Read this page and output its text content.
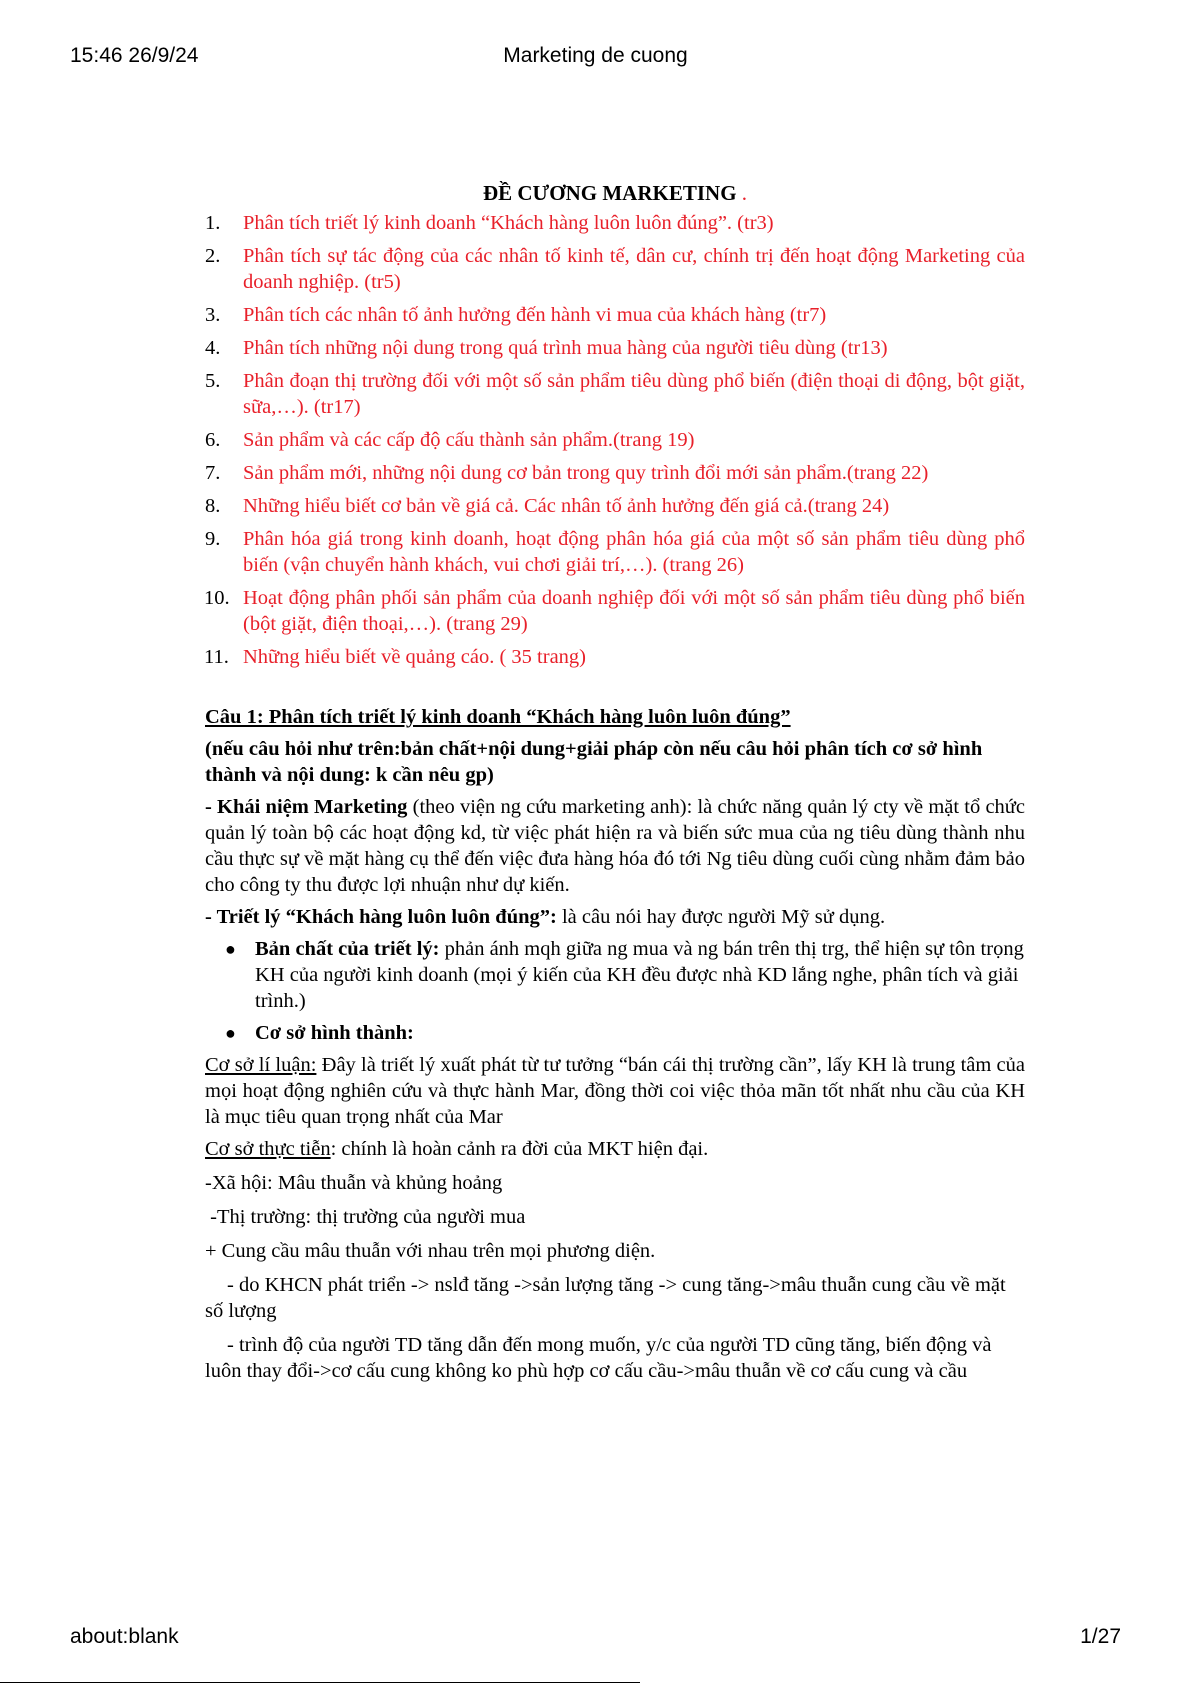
15:46 26/9/24	Marketing de cuong
ĐỀ CƯƠNG MARKETING .
1. Phân tích triết lý kinh doanh “Khách hàng luôn luôn đúng”. (tr3)
2. Phân tích sự tác động của các nhân tố kinh tế, dân cư, chính trị đến hoạt động Marketing của doanh nghiệp. (tr5)
3. Phân tích các nhân tố ảnh hưởng đến hành vi mua của khách hàng (tr7)
4. Phân tích những nội dung trong quá trình mua hàng của người tiêu dùng (tr13)
5. Phân đoạn thị trường đối với một số sản phẩm tiêu dùng phổ biến (điện thoại di động, bột giặt, sữa,…). (tr17)
6. Sản phẩm và các cấp độ cấu thành sản phẩm.(trang 19)
7. Sản phẩm mới, những nội dung cơ bản trong quy trình đổi mới sản phẩm.(trang 22)
8. Những hiểu biết cơ bản về giá cả. Các nhân tố ảnh hưởng đến giá cả.(trang 24)
9. Phân hóa giá trong kinh doanh, hoạt động phân hóa giá của một số sản phẩm tiêu dùng phổ biến (vận chuyển hành khách, vui chơi giải trí,…). (trang 26)
10. Hoạt động phân phối sản phẩm của doanh nghiệp đối với một số sản phẩm tiêu dùng phổ biến (bột giặt, điện thoại,…). (trang 29)
11. Những hiểu biết về quảng cáo. ( 35 trang)
Câu 1: Phân tích triết lý kinh doanh “Khách hàng luôn luôn đúng”
(nếu câu hỏi như trên:bản chất+nội dung+giải pháp còn nếu câu hỏi phân tích cơ sở hình thành và nội dung: k cần nêu gp)
- Khái niệm Marketing (theo viện ng cứu marketing anh): là chức năng quản lý cty về mặt tổ chức quản lý toàn bộ các hoạt động kd, từ việc phát hiện ra và biến sức mua của ng tiêu dùng thành nhu cầu thực sự về mặt hàng cụ thể đến việc đưa hàng hóa đó tới Ng tiêu dùng cuối cùng nhằm đảm bảo cho công ty thu được lợi nhuận như dự kiến.
- Triết lý “Khách hàng luôn luôn đúng”: là câu nói hay được người Mỹ sử dụng.
● Bản chất của triết lý: phản ánh mqh giữa ng mua và ng bán trên thị trg, thể hiện sự tôn trọng KH của người kinh doanh (mọi ý kiến của KH đều được nhà KD lắng nghe, phân tích và giải trình.)
● Cơ sở hình thành:
Cơ sở lí luận: Đây là triết lý xuất phát từ tư tưởng “bán cái thị trường cần”, lấy KH là trung tâm của mọi hoạt động nghiên cứu và thực hành Mar, đồng thời coi việc thỏa mãn tốt nhất nhu cầu của KH là mục tiêu quan trọng nhất của Mar
Cơ sở thực tiễn: chính là hoàn cảnh ra đời của MKT hiện đại.
-Xã hội: Mâu thuẫn và khủng hoảng
-Thị trường: thị trường của người mua
+ Cung cầu mâu thuẫn với nhau trên mọi phương diện.
- do KHCN phát triển -> nslđ tăng ->sản lượng tăng -> cung tăng->mâu thuẫn cung cầu về mặt số lượng
- trình độ của người TD tăng dẫn đến mong muốn, y/c của người TD cũng tăng, biến động và luôn thay đổi->cơ cấu cung không ko phù hợp cơ cấu cầu->mâu thuẫn về cơ cấu cung và cầu
about:blank	1/27
